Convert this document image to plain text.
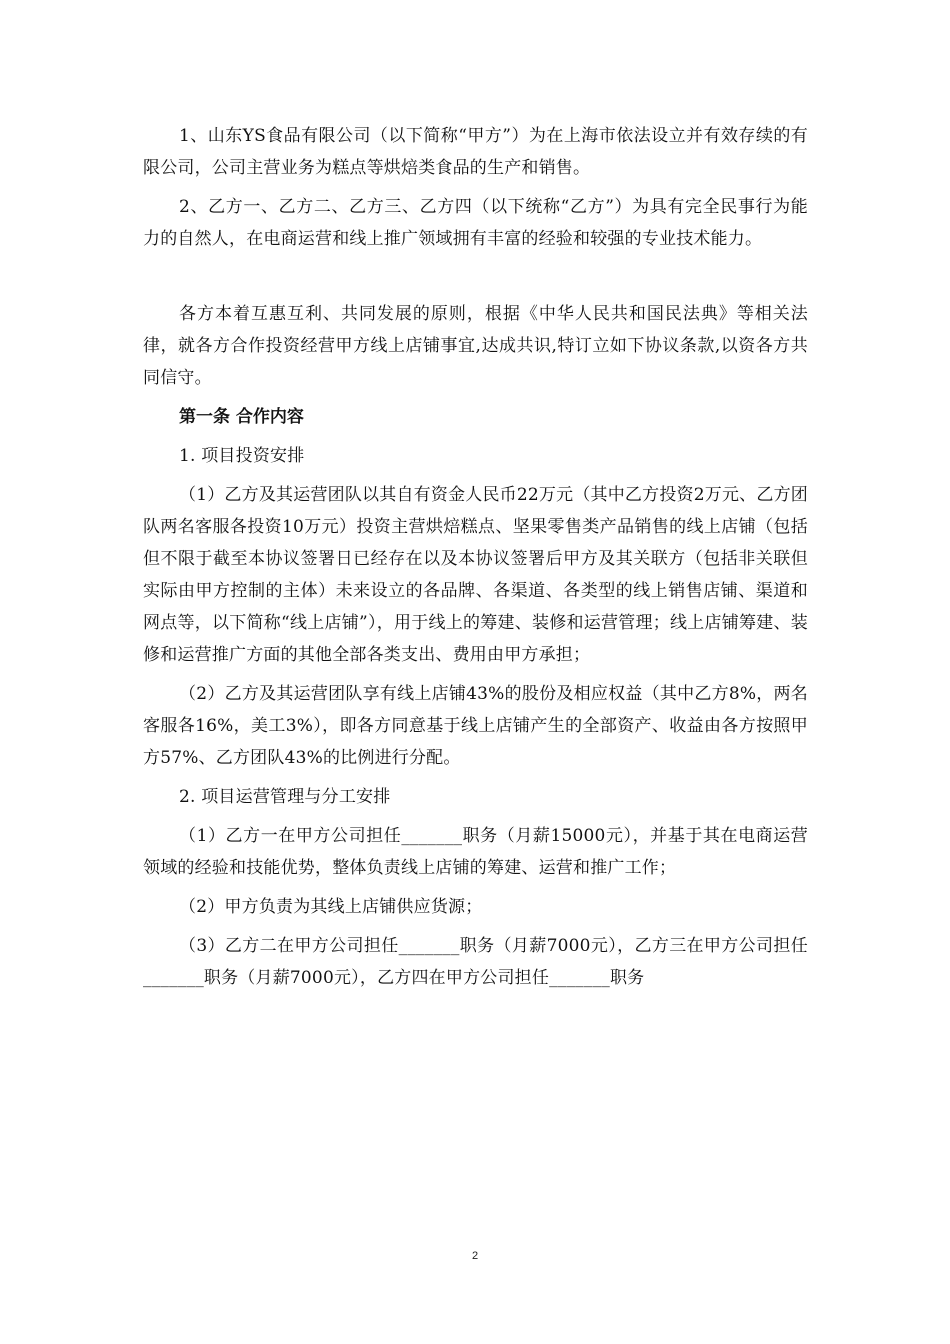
1、山东YS食品有限公司（以下简称“甲方”）为在上海市依法设立并有效存续的有限公司，公司主营业务为糕点等烘焙类食品的生产和销售。

2、乙方一、乙方二、乙方三、乙方四（以下统称“乙方”）为具有完全民事行为能力的自然人，在电商运营和线上推广领域拥有丰富的经验和较强的专业技术能力。

各方本着互惠互利、共同发展的原则，根据《中华人民共和国民法典》等相关法律，就各方合作投资经营甲方线上店铺事宜,达成共识,特订立如下协议条款,以资各方共同信守。

第一条 合作内容

1. 项目投资安排

（1）乙方及其运营团队以其自有资金人民币22万元（其中乙方投资2万元、乙方团队两名客服各投资10万元）投资主营烘焙糕点、坚果零售类产品销售的线上店铺（包括但不限于截至本协议签署日已经存在以及本协议签署后甲方及其关联方（包括非关联但实际由甲方控制的主体）未来设立的各品牌、各渠道、各类型的线上销售店铺、渠道和网点等，以下简称“线上店铺”），用于线上的筹建、装修和运营管理；线上店铺筹建、装修和运营推广方面的其他全部各类支出、费用由甲方承担；

（2）乙方及其运营团队享有线上店铺43%的股份及相应权益（其中乙方8%，两名客服各16%，美工3%），即各方同意基于线上店铺产生的全部资产、收益由各方按照甲方57%、乙方团队43%的比例进行分配。

2. 项目运营管理与分工安排

（1）乙方一在甲方公司担任_______职务（月薪15000元），并基于其在电商运营领域的经验和技能优势，整体负责线上店铺的筹建、运营和推广工作；

（2）甲方负责为其线上店铺供应货源；

（3）乙方二在甲方公司担任_______职务（月薪7000元），乙方三在甲方公司担任_______职务（月薪7000元），乙方四在甲方公司担任_______职务

2
